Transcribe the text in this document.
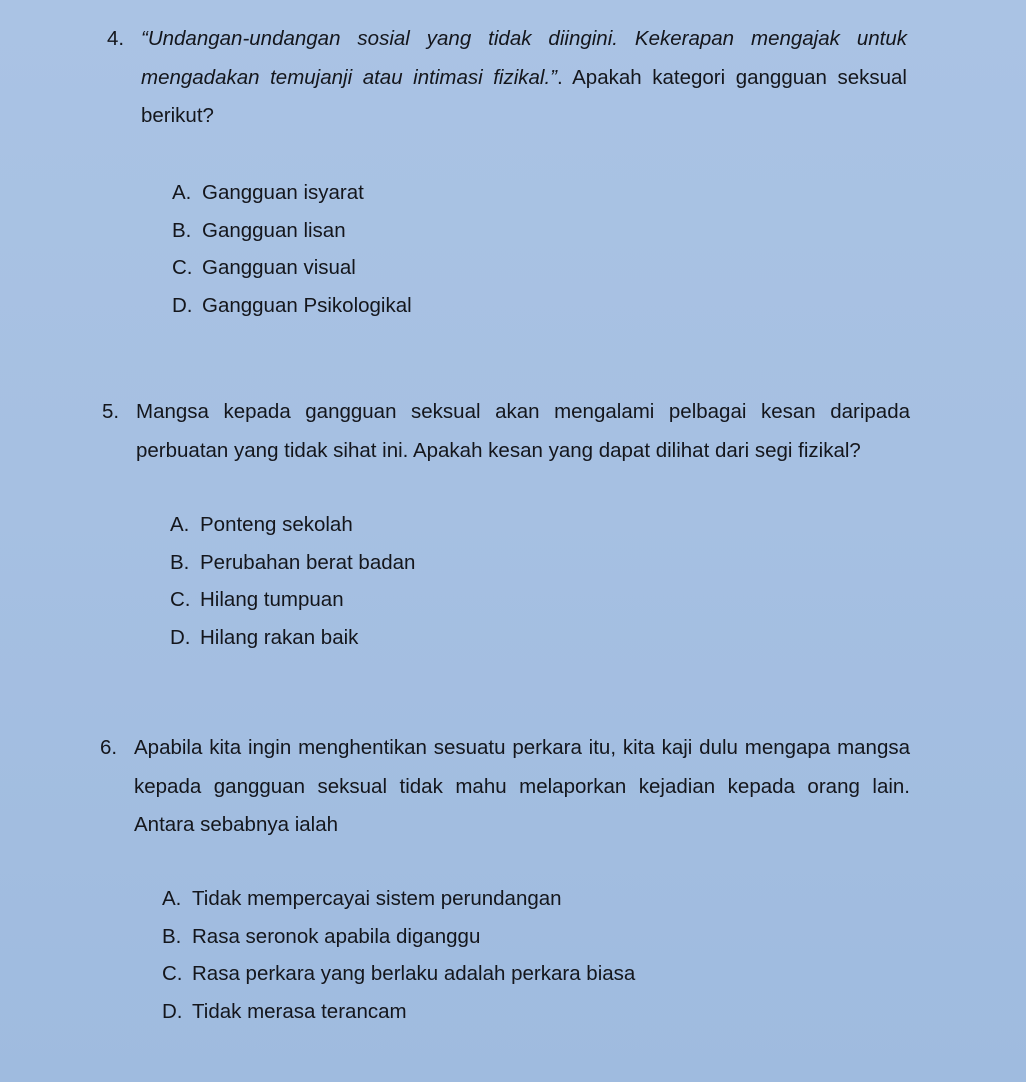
4. “Undangan-undangan sosial yang tidak diingini. Kekerapan mengajak untuk mengadakan temujanji atau intimasi fizikal.”. Apakah kategori gangguan seksual berikut?
A. Gangguan isyarat
B. Gangguan lisan
C. Gangguan visual
D. Gangguan Psikologikal
5. Mangsa kepada gangguan seksual akan mengalami pelbagai kesan daripada perbuatan yang tidak sihat ini. Apakah kesan yang dapat dilihat dari segi fizikal?
A. Ponteng sekolah
B. Perubahan berat badan
C. Hilang tumpuan
D. Hilang rakan baik
6. Apabila kita ingin menghentikan sesuatu perkara itu, kita kaji dulu mengapa mangsa kepada gangguan seksual tidak mahu melaporkan kejadian kepada orang lain. Antara sebabnya ialah
A. Tidak mempercayai sistem perundangan
B. Rasa seronok apabila diganggu
C. Rasa perkara yang berlaku adalah perkara biasa
D. Tidak merasa terancam
